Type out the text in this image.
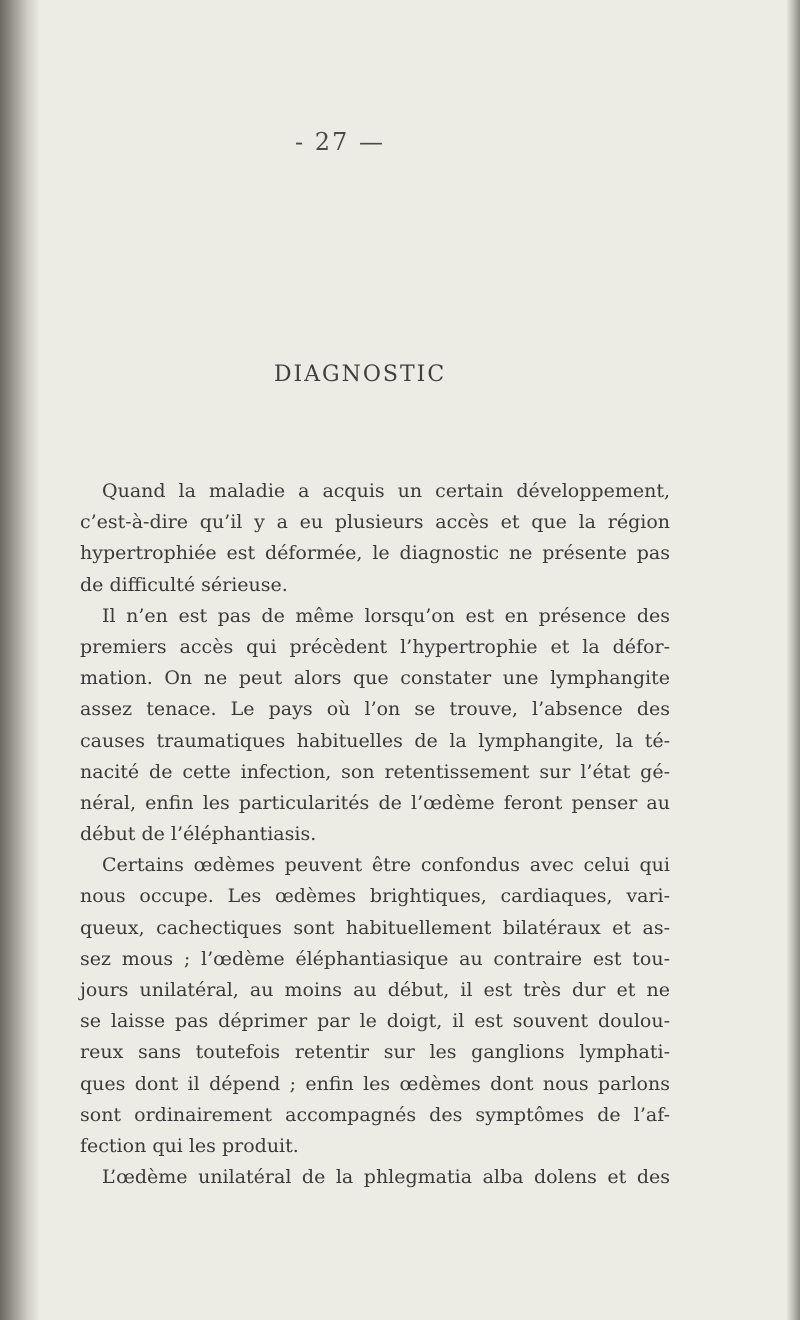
- 27 —
DIAGNOSTIC
Quand la maladie a acquis un certain développement,
c’est-à-dire qu’il y a eu plusieurs accès et que la région
hypertrophiée est déformée, le diagnostic ne présente pas
de difficulté sérieuse.
Il n’en est pas de même lorsqu’on est en présence des
premiers accès qui précèdent l’hypertrophie et la défor-
mation. On ne peut alors que constater une lymphangite
assez tenace. Le pays où l’on se trouve, l’absence des
causes traumatiques habituelles de la lymphangite, la té-
nacité de cette infection, son retentissement sur l’état gé-
néral, enfin les particularités de l’œdème feront penser au
début de l’éléphantiasis.
Certains œdèmes peuvent être confondus avec celui qui
nous occupe. Les œdèmes brightiques, cardiaques, vari-
queux, cachectiques sont habituellement bilatéraux et as-
sez mous ; l’œdème éléphantiasique au contraire est tou-
jours unilatéral, au moins au début, il est très dur et ne
se laisse pas déprimer par le doigt, il est souvent doulou-
reux sans toutefois retentir sur les ganglions lymphati-
ques dont il dépend ; enfin les œdèmes dont nous parlons
sont ordinairement accompagnés des symptômes de l’af-
fection qui les produit.
L’œdème unilatéral de la phlegmatia alba dolens et des
